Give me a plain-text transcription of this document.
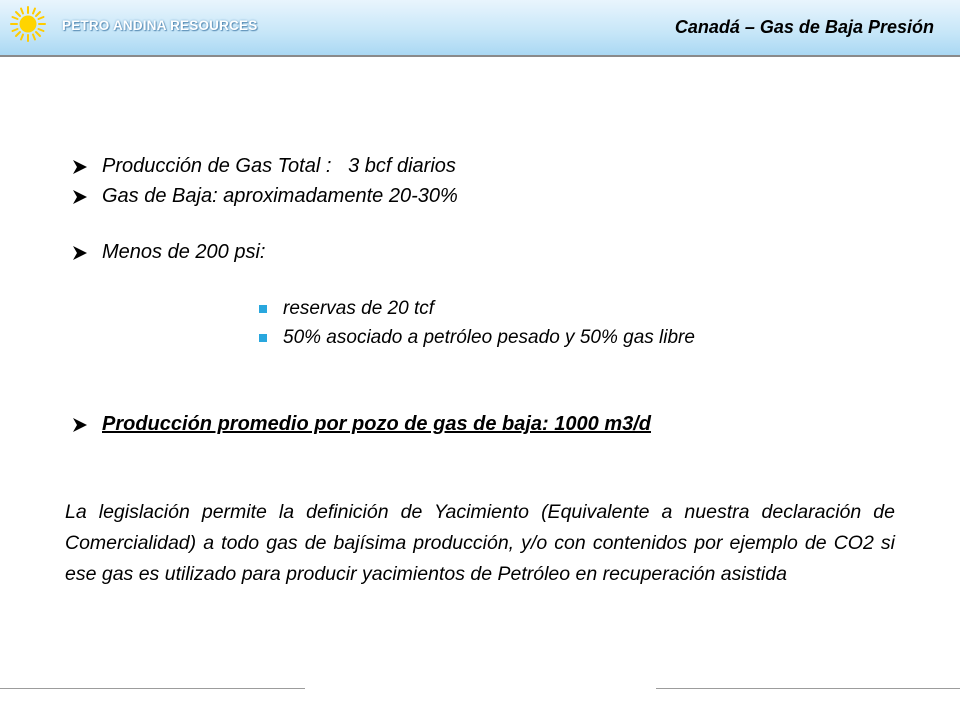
PETRO ANDINA RESOURCES	Canadá – Gas de Baja Presión
Producción de Gas Total :   3 bcf diarios
Gas de Baja: aproximadamente 20-30%
Menos de 200 psi:
reservas de 20 tcf
50% asociado a petróleo pesado y 50% gas libre
Producción promedio por pozo de gas de baja: 1000 m3/d
La legislación permite la definición de Yacimiento (Equivalente a nuestra declaración de Comercialidad) a todo gas de bajísima producción, y/o con contenidos por ejemplo de CO2 si ese gas es utilizado para producir yacimientos de Petróleo en recuperación asistida
